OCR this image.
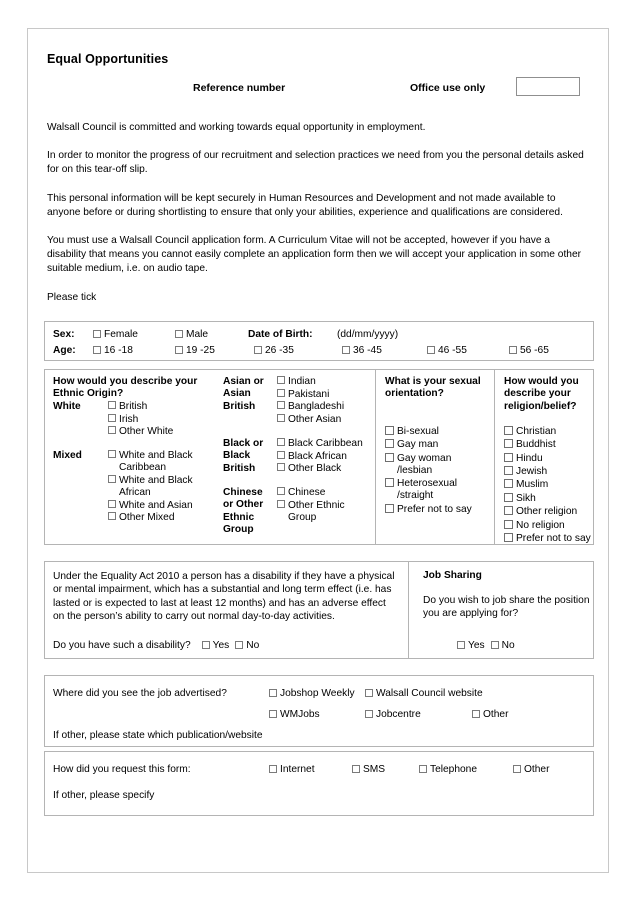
Equal Opportunities
Reference number	Office use only

Walsall Council is committed and working towards equal opportunity in employment.

In order to monitor the progress of our recruitment and selection practices we need from you the personal details asked for on this tear-off slip.

This personal information will be kept securely in Human Resources and Development and not made available to anyone before or during shortlisting to ensure that only your abilities, experience and qualifications are considered.

You must use a Walsall Council application form. A Curriculum Vitae will not be accepted, however if you have a disability that means you cannot easily complete an application form then we will accept your application in some other suitable medium, i.e. on audio tape.

Please tick

Sex:	Female	Male	Date of Birth: (dd/mm/yyyy)
Age:	16 -18	19 -25	26 -35	36 -45	46 -55	56 -65
How would you describe your Ethnic Origin?
White	British
Irish
Other White
Mixed	White and Black Caribbean
White and Black African
White and Asian
Other Mixed
Asian or Asian British
Indian
Pakistani
Bangladeshi
Other Asian
Black or Black British
Black Caribbean
Black African
Other Black
Chinese or Other Ethnic Group
Chinese
Other Ethnic Group
What is your sexual orientation?
Bi-sexual
Gay man
Gay woman /lesbian
Heterosexual /straight
Prefer not to say
How would you describe your religion/belief?
Christian
Buddhist
Hindu
Jewish
Muslim
Sikh
Other religion
No religion
Prefer not to say
Under the Equality Act 2010 a person has a disability if they have a physical or mental impairment, which has a substantial and long term effect (i.e. has lasted or is expected to last at least 12 months) and has an adverse effect on the person’s ability to carry out normal day-to-day activities.
Do you have such a disability? Yes No
Job Sharing
Do you wish to job share the position you are applying for?
Yes No
Where did you see the job advertised?	Jobshop Weekly Walsall Council website
WMJobs	Jobcentre	Other
If other, please state which publication/website
How did you request this form:	Internet	SMS	Telephone	Other
If other, please specify
